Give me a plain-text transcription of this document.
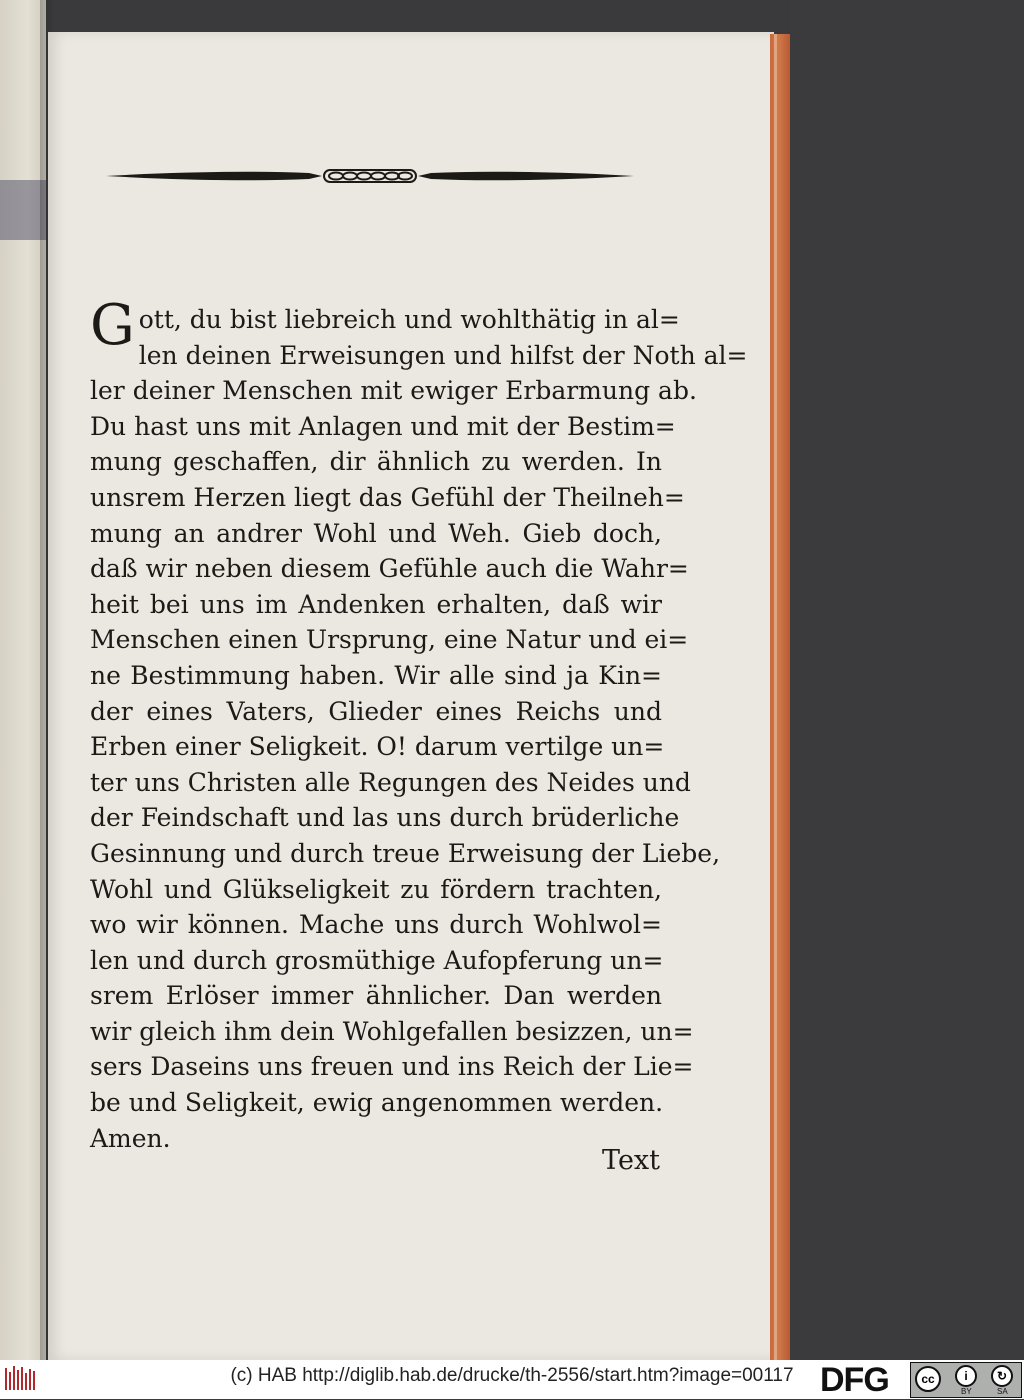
G ott, du bist liebreich und wohlthätig in al=
len deinen Erweisungen und hilfst der Noth al=
ler deiner Menschen mit ewiger Erbarmung ab.
Du hast uns mit Anlagen und mit der Bestim=
mung geschaffen, dir ähnlich zu werden. In
unsrem Herzen liegt das Gefühl der Theilneh=
mung an andrer Wohl und Weh. Gieb doch,
daß wir neben diesem Gefühle auch die Wahr=
heit bei uns im Andenken erhalten, daß wir
Menschen einen Ursprung, eine Natur und ei=
ne Bestimmung haben. Wir alle sind ja Kin=
der eines Vaters, Glieder eines Reichs und
Erben einer Seligkeit. O! darum vertilge un=
ter uns Christen alle Regungen des Neides und
der Feindschaft und las uns durch brüderliche
Gesinnung und durch treue Erweisung der Liebe,
Wohl und Glükseligkeit zu fördern trachten,
wo wir können. Mache uns durch Wohlwol=
len und durch grosmüthige Aufopferung un=
srem Erlöser immer ähnlicher. Dan werden
wir gleich ihm dein Wohlgefallen besizzen, un=
sers Daseins uns freuen und ins Reich der Lie=
be und Seligkeit, ewig angenommen werden.
Amen.
Text
(c) HAB http://diglib.hab.de/drucke/th-2556/start.htm?image=00117 DFG	cc	i
BY
↻
SA
